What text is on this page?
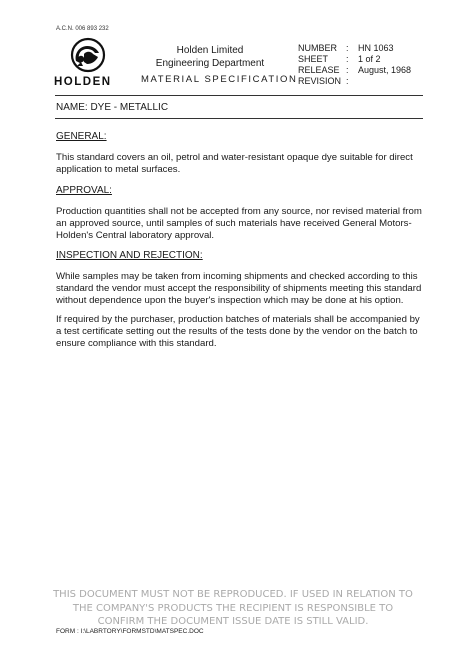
A.C.N. 006 893 232
HOLDEN
Holden Limited
Engineering Department
MATERIAL SPECIFICATION
NUMBER :	HN 1063
SHEET	:	1 of 2
RELEASE :	August, 1968
REVISION :
NAME: DYE - METALLIC
GENERAL:
This standard covers an oil, petrol and water-resistant opaque dye suitable for direct application to metal surfaces.
APPROVAL:
Production quantities shall not be accepted from any source, nor revised material from an approved source, until samples of such materials have received General Motors-Holden's Central laboratory approval.
INSPECTION AND REJECTION:
While samples may be taken from incoming shipments and checked according to this standard the vendor must accept the responsibility of shipments meeting this standard without dependence upon the buyer's inspection which may be done at his option.
If required by the purchaser, production batches of materials shall be accompanied by a test certificate setting out the results of the tests done by the vendor on the batch to ensure compliance with this standard.
THIS DOCUMENT MUST NOT BE REPRODUCED. IF USED IN RELATION TO
THE COMPANY'S PRODUCTS THE RECIPIENT IS RESPONSIBLE TO
CONFIRM THE DOCUMENT ISSUE DATE IS STILL VALID.
FORM : I:\LABRTORY\FORMSTD\MATSPEC.DOC
